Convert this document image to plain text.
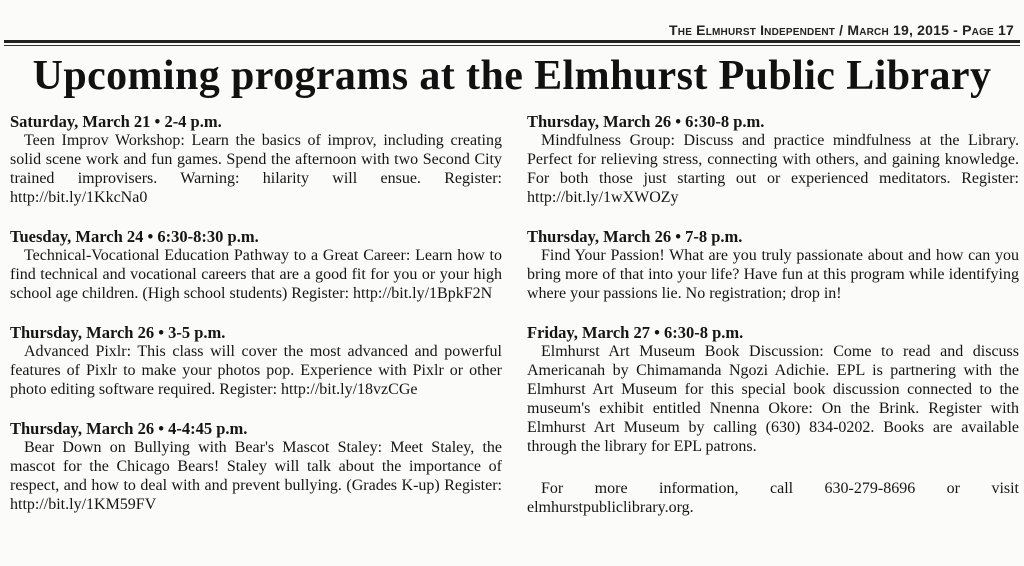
The Elmhurst Independent / March 19, 2015 - Page 17
Upcoming programs at the Elmhurst Public Library
Saturday, March 21 • 2-4 p.m.
Teen Improv Workshop: Learn the basics of improv, including creating solid scene work and fun games. Spend the afternoon with two Second City trained improvisers. Warning: hilarity will ensue. Register: http://bit.ly/1KkcNa0
Tuesday, March 24 • 6:30-8:30 p.m.
Technical-Vocational Education Pathway to a Great Career: Learn how to find technical and vocational careers that are a good fit for you or your high school age children. (High school students) Register: http://bit.ly/1BpkF2N
Thursday, March 26 • 3-5 p.m.
Advanced Pixlr: This class will cover the most advanced and powerful features of Pixlr to make your photos pop. Experience with Pixlr or other photo editing software required. Register: http://bit.ly/18vzCGe
Thursday, March 26 • 4-4:45 p.m.
Bear Down on Bullying with Bear's Mascot Staley: Meet Staley, the mascot for the Chicago Bears! Staley will talk about the importance of respect, and how to deal with and prevent bullying. (Grades K-up) Register: http://bit.ly/1KM59FV
Thursday, March 26 • 6:30-8 p.m.
Mindfulness Group: Discuss and practice mindfulness at the Library. Perfect for relieving stress, connecting with others, and gaining knowledge. For both those just starting out or experienced meditators. Register: http://bit.ly/1wXWOZy
Thursday, March 26 • 7-8 p.m.
Find Your Passion! What are you truly passionate about and how can you bring more of that into your life? Have fun at this program while identifying where your passions lie. No registration; drop in!
Friday, March 27 • 6:30-8 p.m.
Elmhurst Art Museum Book Discussion: Come to read and discuss Americanah by Chimamanda Ngozi Adichie. EPL is partnering with the Elmhurst Art Museum for this special book discussion connected to the museum's exhibit entitled Nnenna Okore: On the Brink. Register with Elmhurst Art Museum by calling (630) 834-0202. Books are available through the library for EPL patrons.
For more information, call 630-279-8696 or visit elmhurstpubliclibrary.org.
